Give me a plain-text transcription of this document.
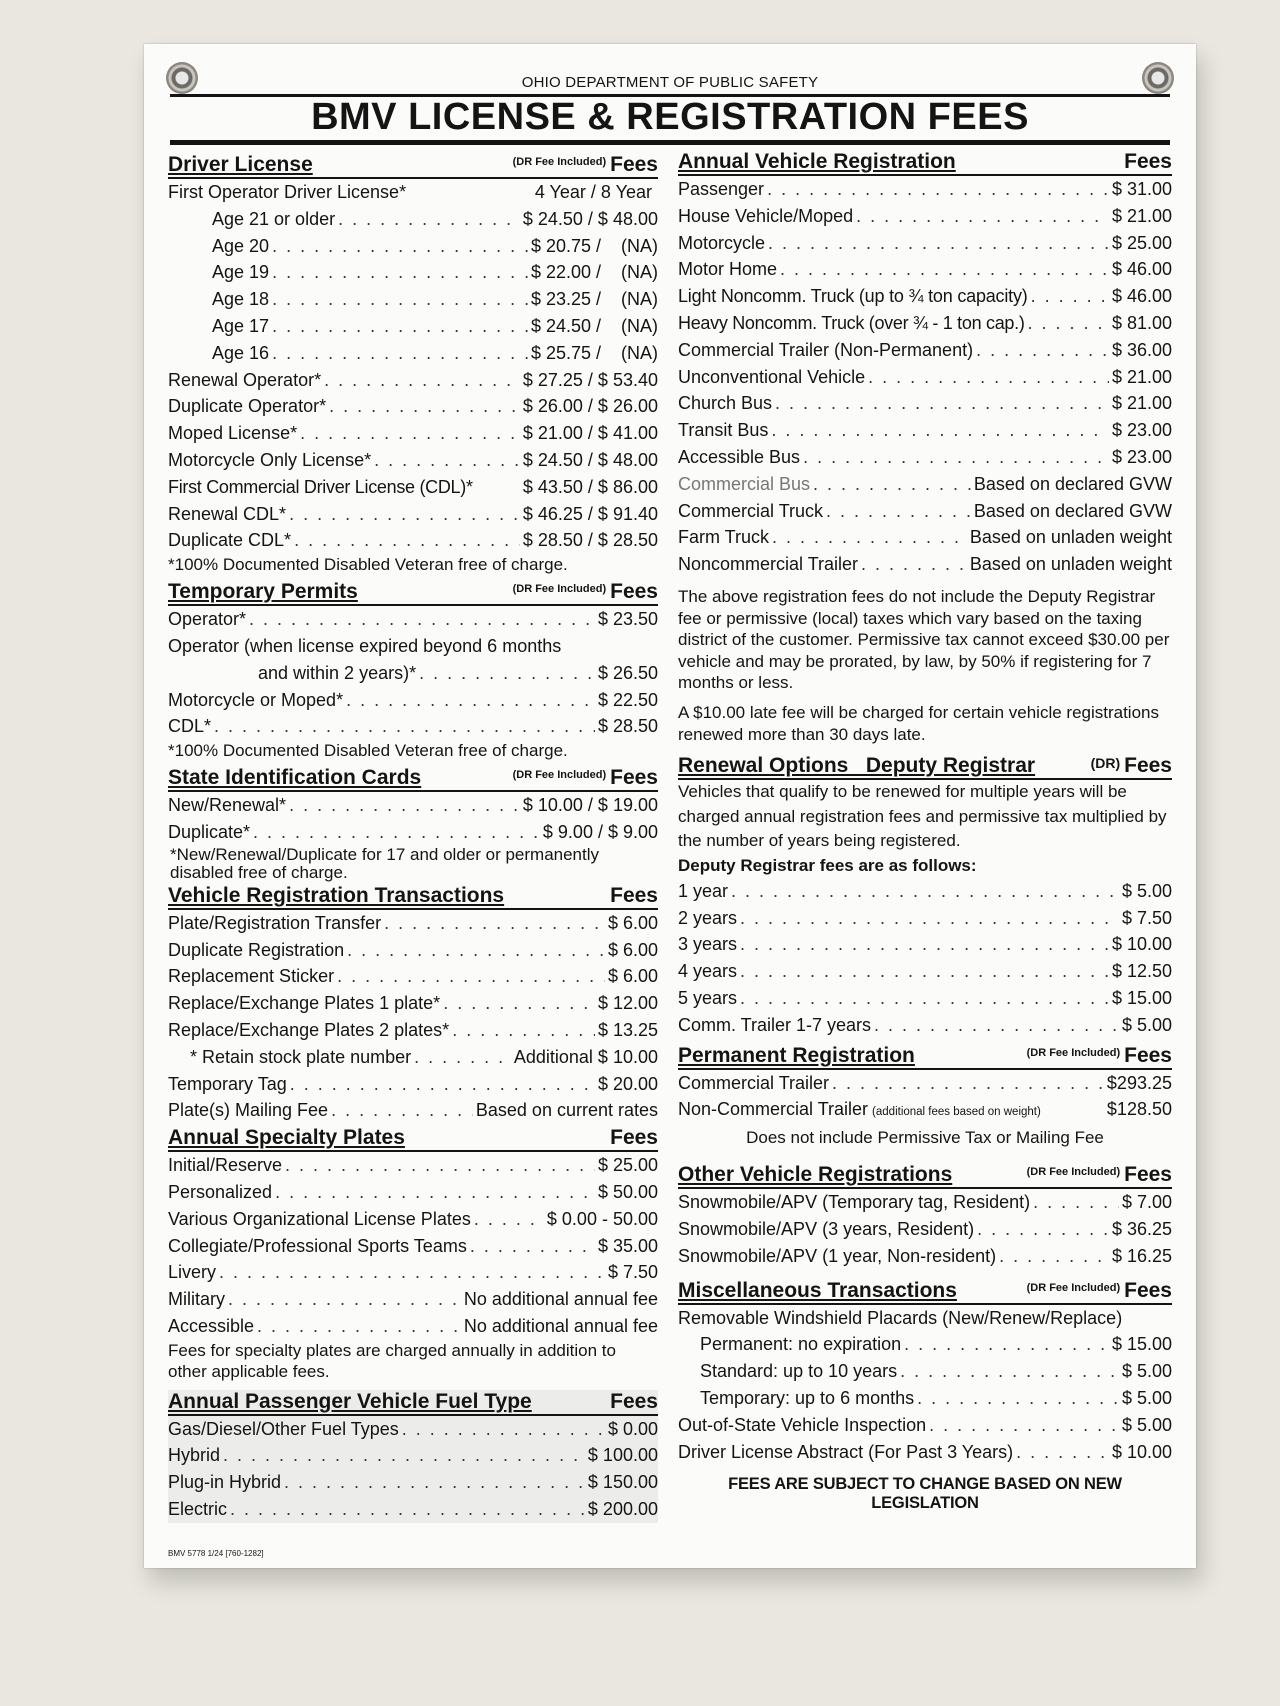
OHIO DEPARTMENT OF PUBLIC SAFETY
BMV LICENSE & REGISTRATION FEES
Driver License	(DR Fee Included) Fees
First Operator Driver License*	4 Year / 8 Year
Age 21 or older . . .	$ 24.50 / $ 48.00
Age 20 . . .	$ 20.75 /    (NA)
Age 19 . . .	$ 22.00 /    (NA)
Age 18 . . .	$ 23.25 /    (NA)
Age 17 . . .	$ 24.50 /    (NA)
Age 16 . . .	$ 25.75 /    (NA)
Renewal Operator* . . .	$ 27.25 / $ 53.40
Duplicate Operator* . . .	$ 26.00 / $ 26.00
Moped License* . . .	$ 21.00 / $ 41.00
Motorcycle Only License* . . .	$ 24.50 / $ 48.00
First Commercial Driver License (CDL)*	$ 43.50 / $ 86.00
Renewal CDL* . . .	$ 46.25 / $ 91.40
Duplicate CDL* . . .	$ 28.50 / $ 28.50
*100% Documented Disabled Veteran free of charge.
Temporary Permits	(DR Fee Included) Fees
Operator* . . .	$ 23.50
Operator (when license expired beyond 6 months
and within 2 years)* . . .	$ 26.50
Motorcycle or Moped* . . .	$ 22.50
CDL* . . .	$ 28.50
*100% Documented Disabled Veteran free of charge.
State Identification Cards	(DR Fee Included) Fees
New/Renewal* . . .	$ 10.00 / $ 19.00
Duplicate* . . .	$ 9.00 / $ 9.00
*New/Renewal/Duplicate for 17 and older or permanently disabled free of charge.
Vehicle Registration Transactions	Fees
Plate/Registration Transfer . . .	$ 6.00
Duplicate Registration . . .	$ 6.00
Replacement Sticker . . .	$ 6.00
Replace/Exchange Plates 1 plate* . . .	$ 12.00
Replace/Exchange Plates 2 plates* . . .	$ 13.25
* Retain stock plate number . . .	Additional $ 10.00
Temporary Tag . . .	$ 20.00
Plate(s) Mailing Fee . . .	Based on current rates
Annual Specialty Plates	Fees
Initial/Reserve . . .	$ 25.00
Personalized . . .	$ 50.00
Various Organizational License Plates . . .	$ 0.00 - 50.00
Collegiate/Professional Sports Teams . . .	$ 35.00
Livery . . .	$ 7.50
Military . . .	No additional annual fee
Accessible . . .	No additional annual fee
Fees for specialty plates are charged annually in addition to other applicable fees.
Annual Passenger Vehicle Fuel Type	Fees
Gas/Diesel/Other Fuel Types . . .	$ 0.00
Hybrid . . .	$ 100.00
Plug-in Hybrid . . .	$ 150.00
Electric . . .	$ 200.00
Annual Vehicle Registration	Fees
Passenger . . .	$ 31.00
House Vehicle/Moped . . .	$ 21.00
Motorcycle . . .	$ 25.00
Motor Home . . .	$ 46.00
Light Noncomm. Truck (up to ¾ ton capacity) . . .	$ 46.00
Heavy Noncomm. Truck (over ¾ - 1 ton cap.) . . .	$ 81.00
Commercial Trailer (Non-Permanent) . . .	$ 36.00
Unconventional Vehicle . . .	$ 21.00
Church Bus . . .	$ 21.00
Transit Bus . . .	$ 23.00
Accessible Bus . . .	$ 23.00
Commercial Bus . . .	Based on declared GVW
Commercial Truck . . .	Based on declared GVW
Farm Truck . . .	Based on unladen weight
Noncommercial Trailer . . .	Based on unladen weight
The above registration fees do not include the Deputy Registrar fee or permissive (local) taxes which vary based on the taxing district of the customer. Permissive tax cannot exceed $30.00 per vehicle and may be prorated, by law, by 50% if registering for 7 months or less.
A $10.00 late fee will be charged for certain vehicle registrations renewed more than 30 days late.
Renewal Options   Deputy Registrar	(DR) Fees
Vehicles that qualify to be renewed for multiple years will be charged annual registration fees and permissive tax multiplied by the number of years being registered.
Deputy Registrar fees are as follows:
1 year . . .	$ 5.00
2 years . . .	$ 7.50
3 years . . .	$ 10.00
4 years . . .	$ 12.50
5 years . . .	$ 15.00
Comm. Trailer 1-7 years . . .	$ 5.00
Permanent Registration	(DR Fee Included) Fees
Commercial Trailer . . .	$293.25
Non-Commercial Trailer (additional fees based on weight)	$128.50
Does not include Permissive Tax or Mailing Fee
Other Vehicle Registrations	(DR Fee Included) Fees
Snowmobile/APV (Temporary tag, Resident) . . .	$ 7.00
Snowmobile/APV (3 years, Resident) . . .	$ 36.25
Snowmobile/APV (1 year, Non-resident) . . .	$ 16.25
Miscellaneous Transactions	(DR Fee Included) Fees
Removable Windshield Placards (New/Renew/Replace)
Permanent: no expiration . . .	$ 15.00
Standard: up to 10 years . . .	$ 5.00
Temporary: up to 6 months . . .	$ 5.00
Out-of-State Vehicle Inspection . . .	$ 5.00
Driver License Abstract (For Past 3 Years) . . .	$ 10.00
FEES ARE SUBJECT TO CHANGE BASED ON NEW LEGISLATION
BMV 5778 1/24 [760-1282]
